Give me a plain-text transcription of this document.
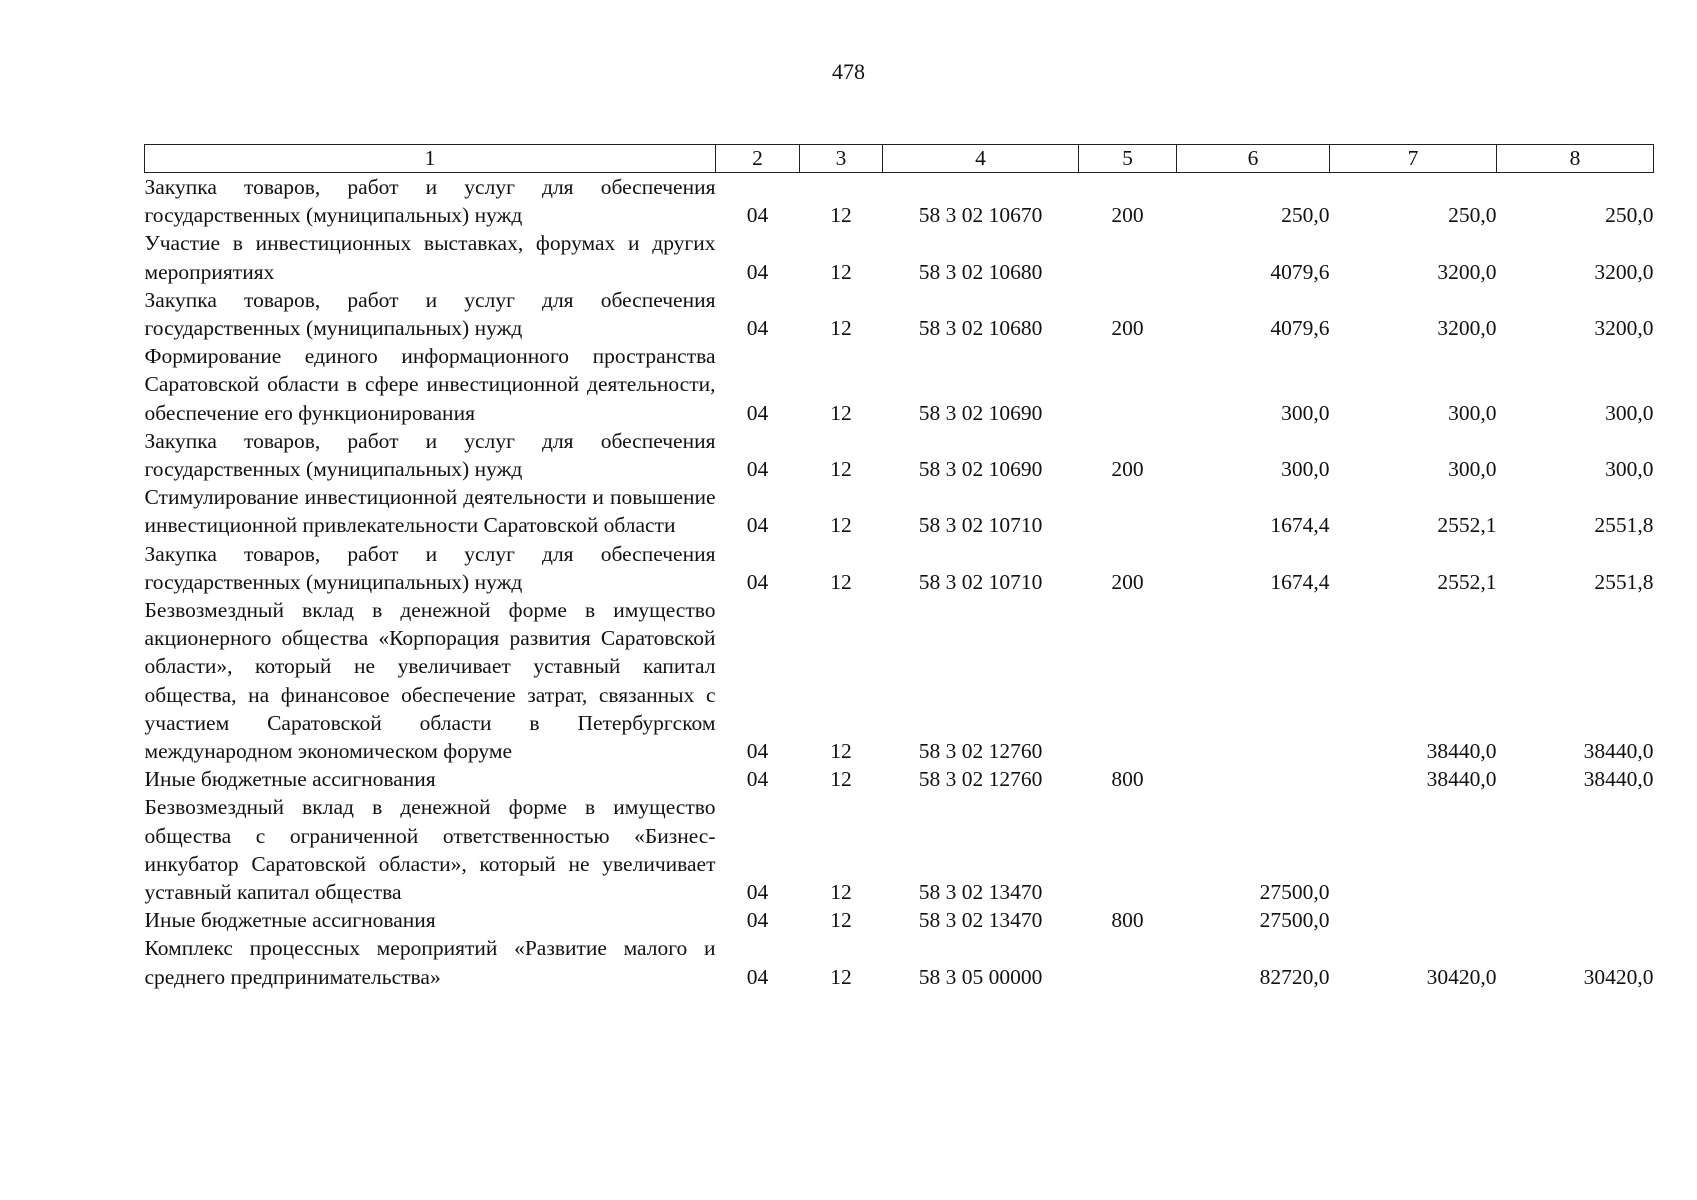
478
1	2	3	4	5	6	7	8
Закупка товаров, работ и услуг для обеспечения государственных (муниципальных) нужд	04	12	58 3 02 10670	200	250,0	250,0	250,0
Участие в инвестиционных выставках, форумах и других мероприятиях	04	12	58 3 02 10680		4079,6	3200,0	3200,0
Закупка товаров, работ и услуг для обеспечения государственных (муниципальных) нужд	04	12	58 3 02 10680	200	4079,6	3200,0	3200,0
Формирование единого информационного пространства Саратовской области в сфере инвестиционной деятельности, обеспечение его функционирования	04	12	58 3 02 10690		300,0	300,0	300,0
Закупка товаров, работ и услуг для обеспечения государственных (муниципальных) нужд	04	12	58 3 02 10690	200	300,0	300,0	300,0
Стимулирование инвестиционной деятельности и повышение инвестиционной привлекательности Саратовской области	04	12	58 3 02 10710		1674,4	2552,1	2551,8
Закупка товаров, работ и услуг для обеспечения государственных (муниципальных) нужд	04	12	58 3 02 10710	200	1674,4	2552,1	2551,8
Безвозмездный вклад в денежной форме в имущество акционерного общества «Корпорация развития Саратовской области», который не увеличивает уставный капитал общества, на финансовое обеспечение затрат, связанных с участием Саратовской области в Петербургском международном экономическом форуме	04	12	58 3 02 12760			38440,0	38440,0
Иные бюджетные ассигнования	04	12	58 3 02 12760	800		38440,0	38440,0
Безвозмездный вклад в денежной форме в имущество общества с ограниченной ответственностью «Бизнес-инкубатор Саратовской области», который не увеличивает уставный капитал общества	04	12	58 3 02 13470		27500,0		
Иные бюджетные ассигнования	04	12	58 3 02 13470	800	27500,0		
Комплекс процессных мероприятий «Развитие малого и среднего предпринимательства»	04	12	58 3 05 00000		82720,0	30420,0	30420,0
